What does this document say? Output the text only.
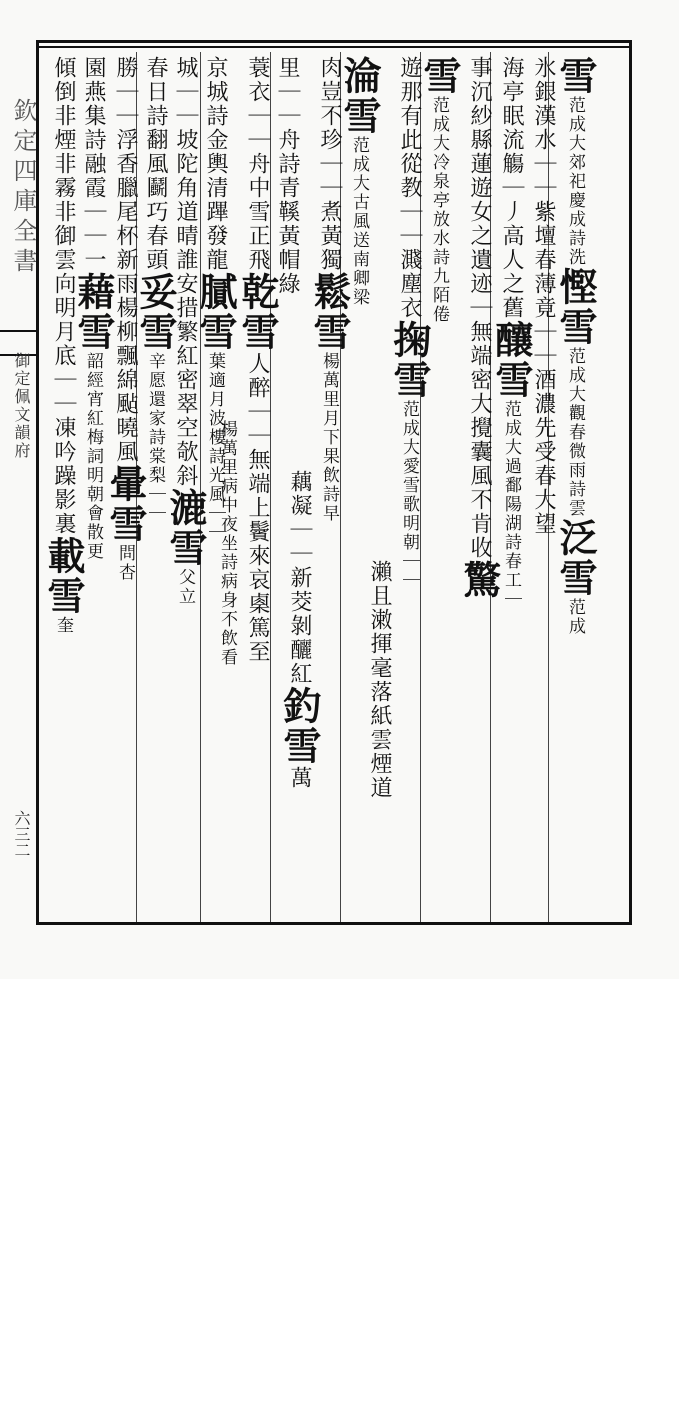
欽定四庫全書
御定佩文韻府
六三二
雪范成大郊祀慶成詩洗慳雪范成大觀春微雨詩雲泛雪范成
氷銀漢水｜｜紫壇春薄竟｜｜酒濃先受春大望
海亭眠流觴｜丿高人之舊釀雪范成大過鄱陽湖詩春工｜
事沉紗縣蓮遊女之遺迹｜無端密大攪囊風不肯收驚
雪范成大冷泉亭放水詩九陌倦
遊那有此從教｜｜濺塵衣掬雪范成大愛雪歌明朝｜｜
瀨且潄揮毫落紙雲煙道
淪雪范成大古風送南卿梁
肉豈不珍｜｜煮黃獨鬆雪楊萬里月下果飲詩早
藕凝｜｜新茭剝釃紅釣雪萬
里｜｜舟詩青鞵黃帽綠
蓑衣｜｜舟中雪正飛乾雪人醉｜｜無端上鬢來哀㮚篤至
楊萬里病中夜坐詩病身不飲看
京城詩金輿清蹕發龍膩雪葉適月波樓詩光風｜｜
城｜｜坡陀角道晴誰安措繁紅密翠空欹斜漉雪父立
春日詩翻風鬬巧春頭妥雪辛愿還家詩棠梨｜｜
勝｜｜浮香臘尾杯新雨楊柳飄綿颭曉風暈雪問杏
園燕集詩融霞｜｜一藉雪韶經宵紅梅詞明朝會散更
傾倒非煙非霧非御雲向明月底｜｜凍吟躁影裏載雪奎
